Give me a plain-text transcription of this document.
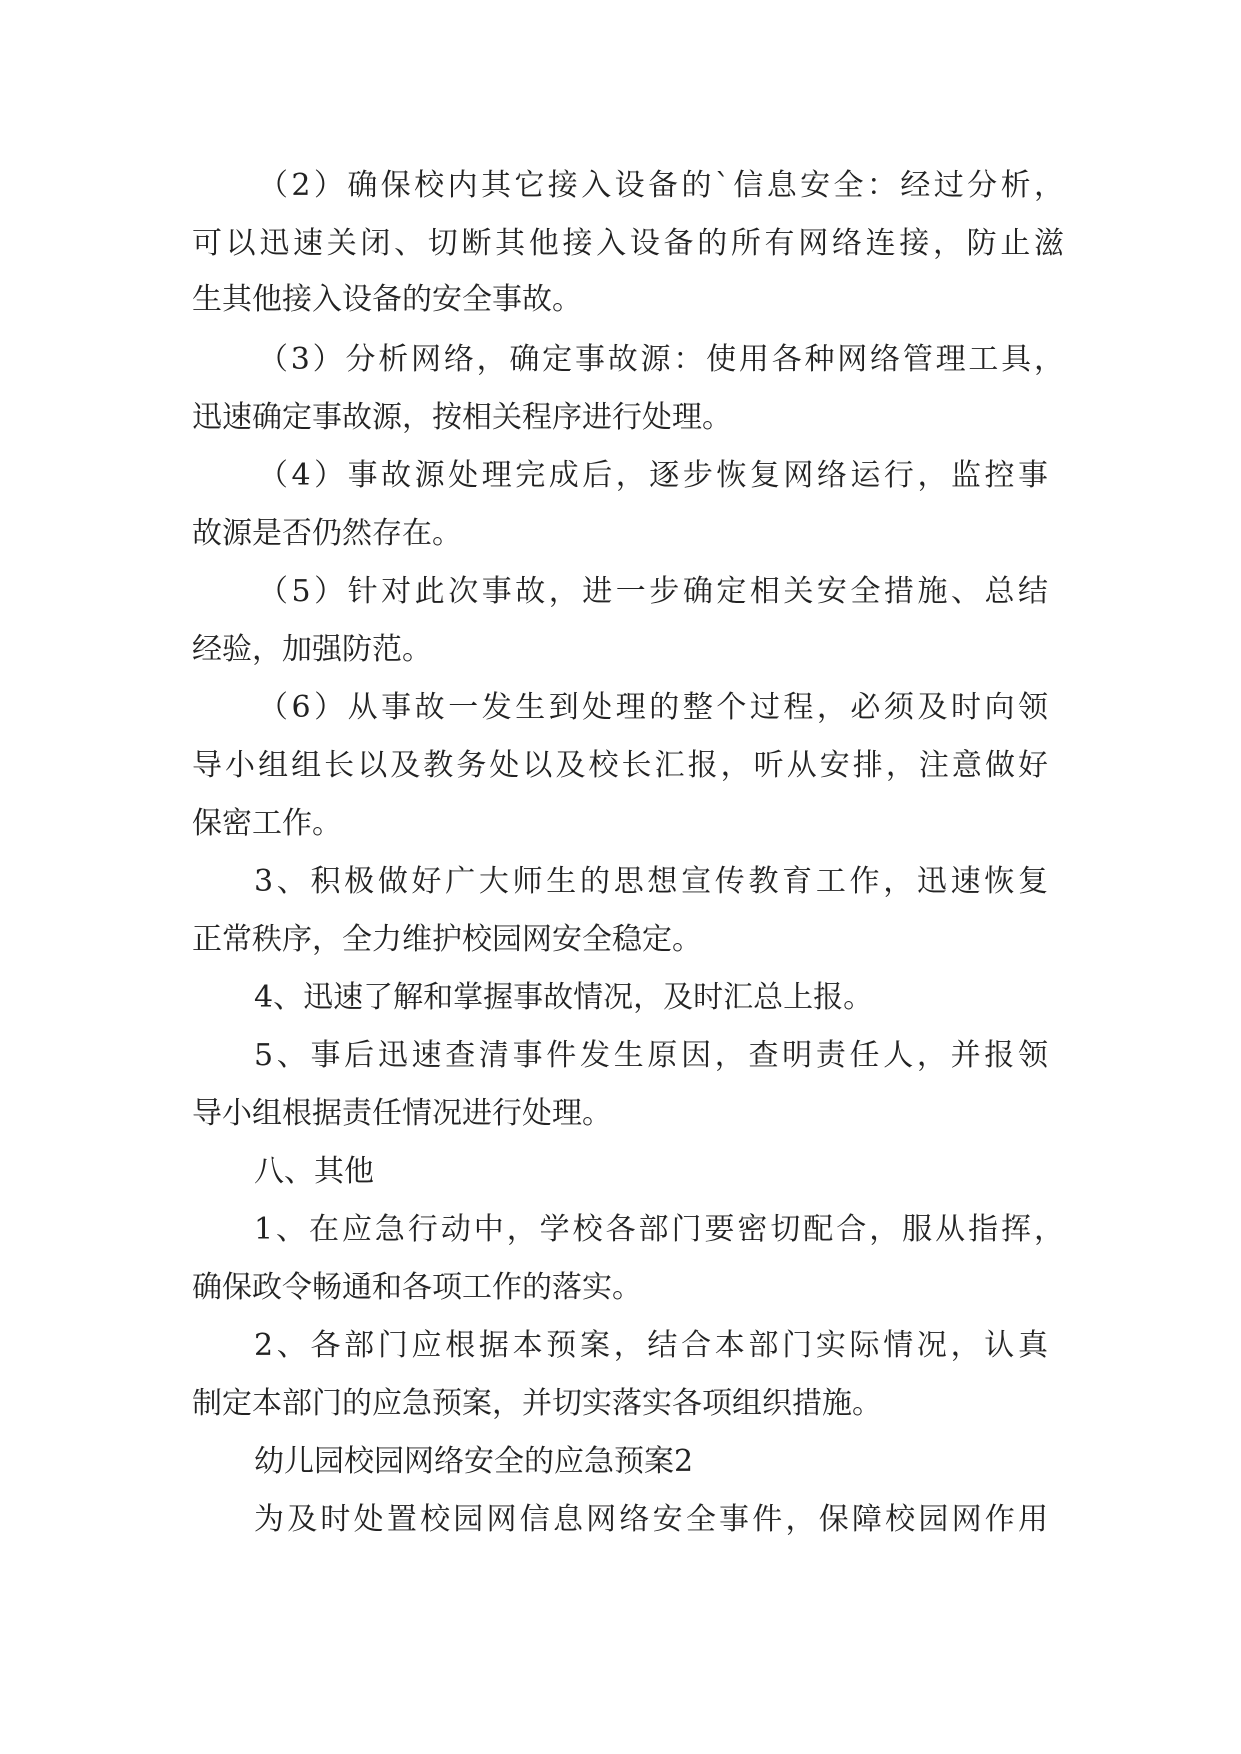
（2）确保校内其它接入设备的`信息安全：经过分析，
可以迅速关闭、切断其他接入设备的所有网络连接，防止滋
生其他接入设备的安全事故。
（3）分析网络，确定事故源：使用各种网络管理工具，
迅速确定事故源，按相关程序进行处理。
（4）事故源处理完成后，逐步恢复网络运行，监控事
故源是否仍然存在。
（5）针对此次事故，进一步确定相关安全措施、总结
经验，加强防范。
（6）从事故一发生到处理的整个过程，必须及时向领
导小组组长以及教务处以及校长汇报，听从安排，注意做好
保密工作。
3、积极做好广大师生的思想宣传教育工作，迅速恢复
正常秩序，全力维护校园网安全稳定。
4、迅速了解和掌握事故情况，及时汇总上报。
5、事后迅速查清事件发生原因，查明责任人，并报领
导小组根据责任情况进行处理。
八、其他
1、在应急行动中，学校各部门要密切配合，服从指挥，
确保政令畅通和各项工作的落实。
2、各部门应根据本预案，结合本部门实际情况，认真
制定本部门的应急预案，并切实落实各项组织措施。
幼儿园校园网络安全的应急预案2
为及时处置校园网信息网络安全事件，保障校园网作用
